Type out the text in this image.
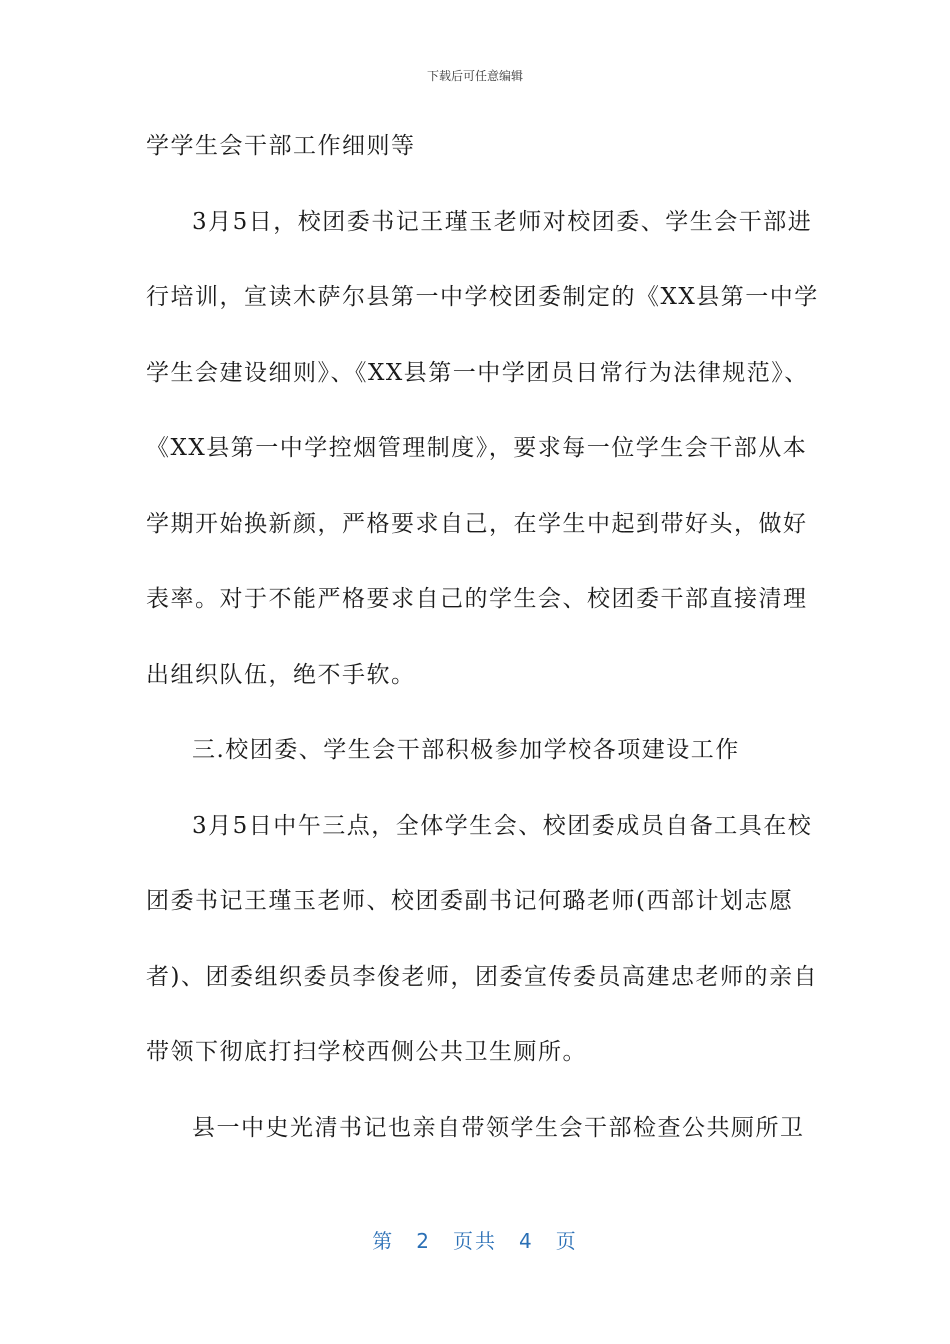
下载后可任意编辑
学学生会干部工作细则等
3月5日，校团委书记王瑾玉老师对校团委、学生会干部进
行培训，宣读木萨尔县第一中学校团委制定的《XX县第一中学
学生会建设细则》、《XX县第一中学团员日常行为法律规范》、
《XX县第一中学控烟管理制度》，要求每一位学生会干部从本
学期开始换新颜，严格要求自己，在学生中起到带好头，做好
表率。对于不能严格要求自己的学生会、校团委干部直接清理
出组织队伍，绝不手软。
三.校团委、学生会干部积极参加学校各项建设工作
3月5日中午三点，全体学生会、校团委成员自备工具在校
团委书记王瑾玉老师、校团委副书记何璐老师(西部计划志愿
者)、团委组织委员李俊老师，团委宣传委员高建忠老师的亲自
带领下彻底打扫学校西侧公共卫生厕所。
县一中史光清书记也亲自带领学生会干部检查公共厕所卫
第 2 页共 4 页
